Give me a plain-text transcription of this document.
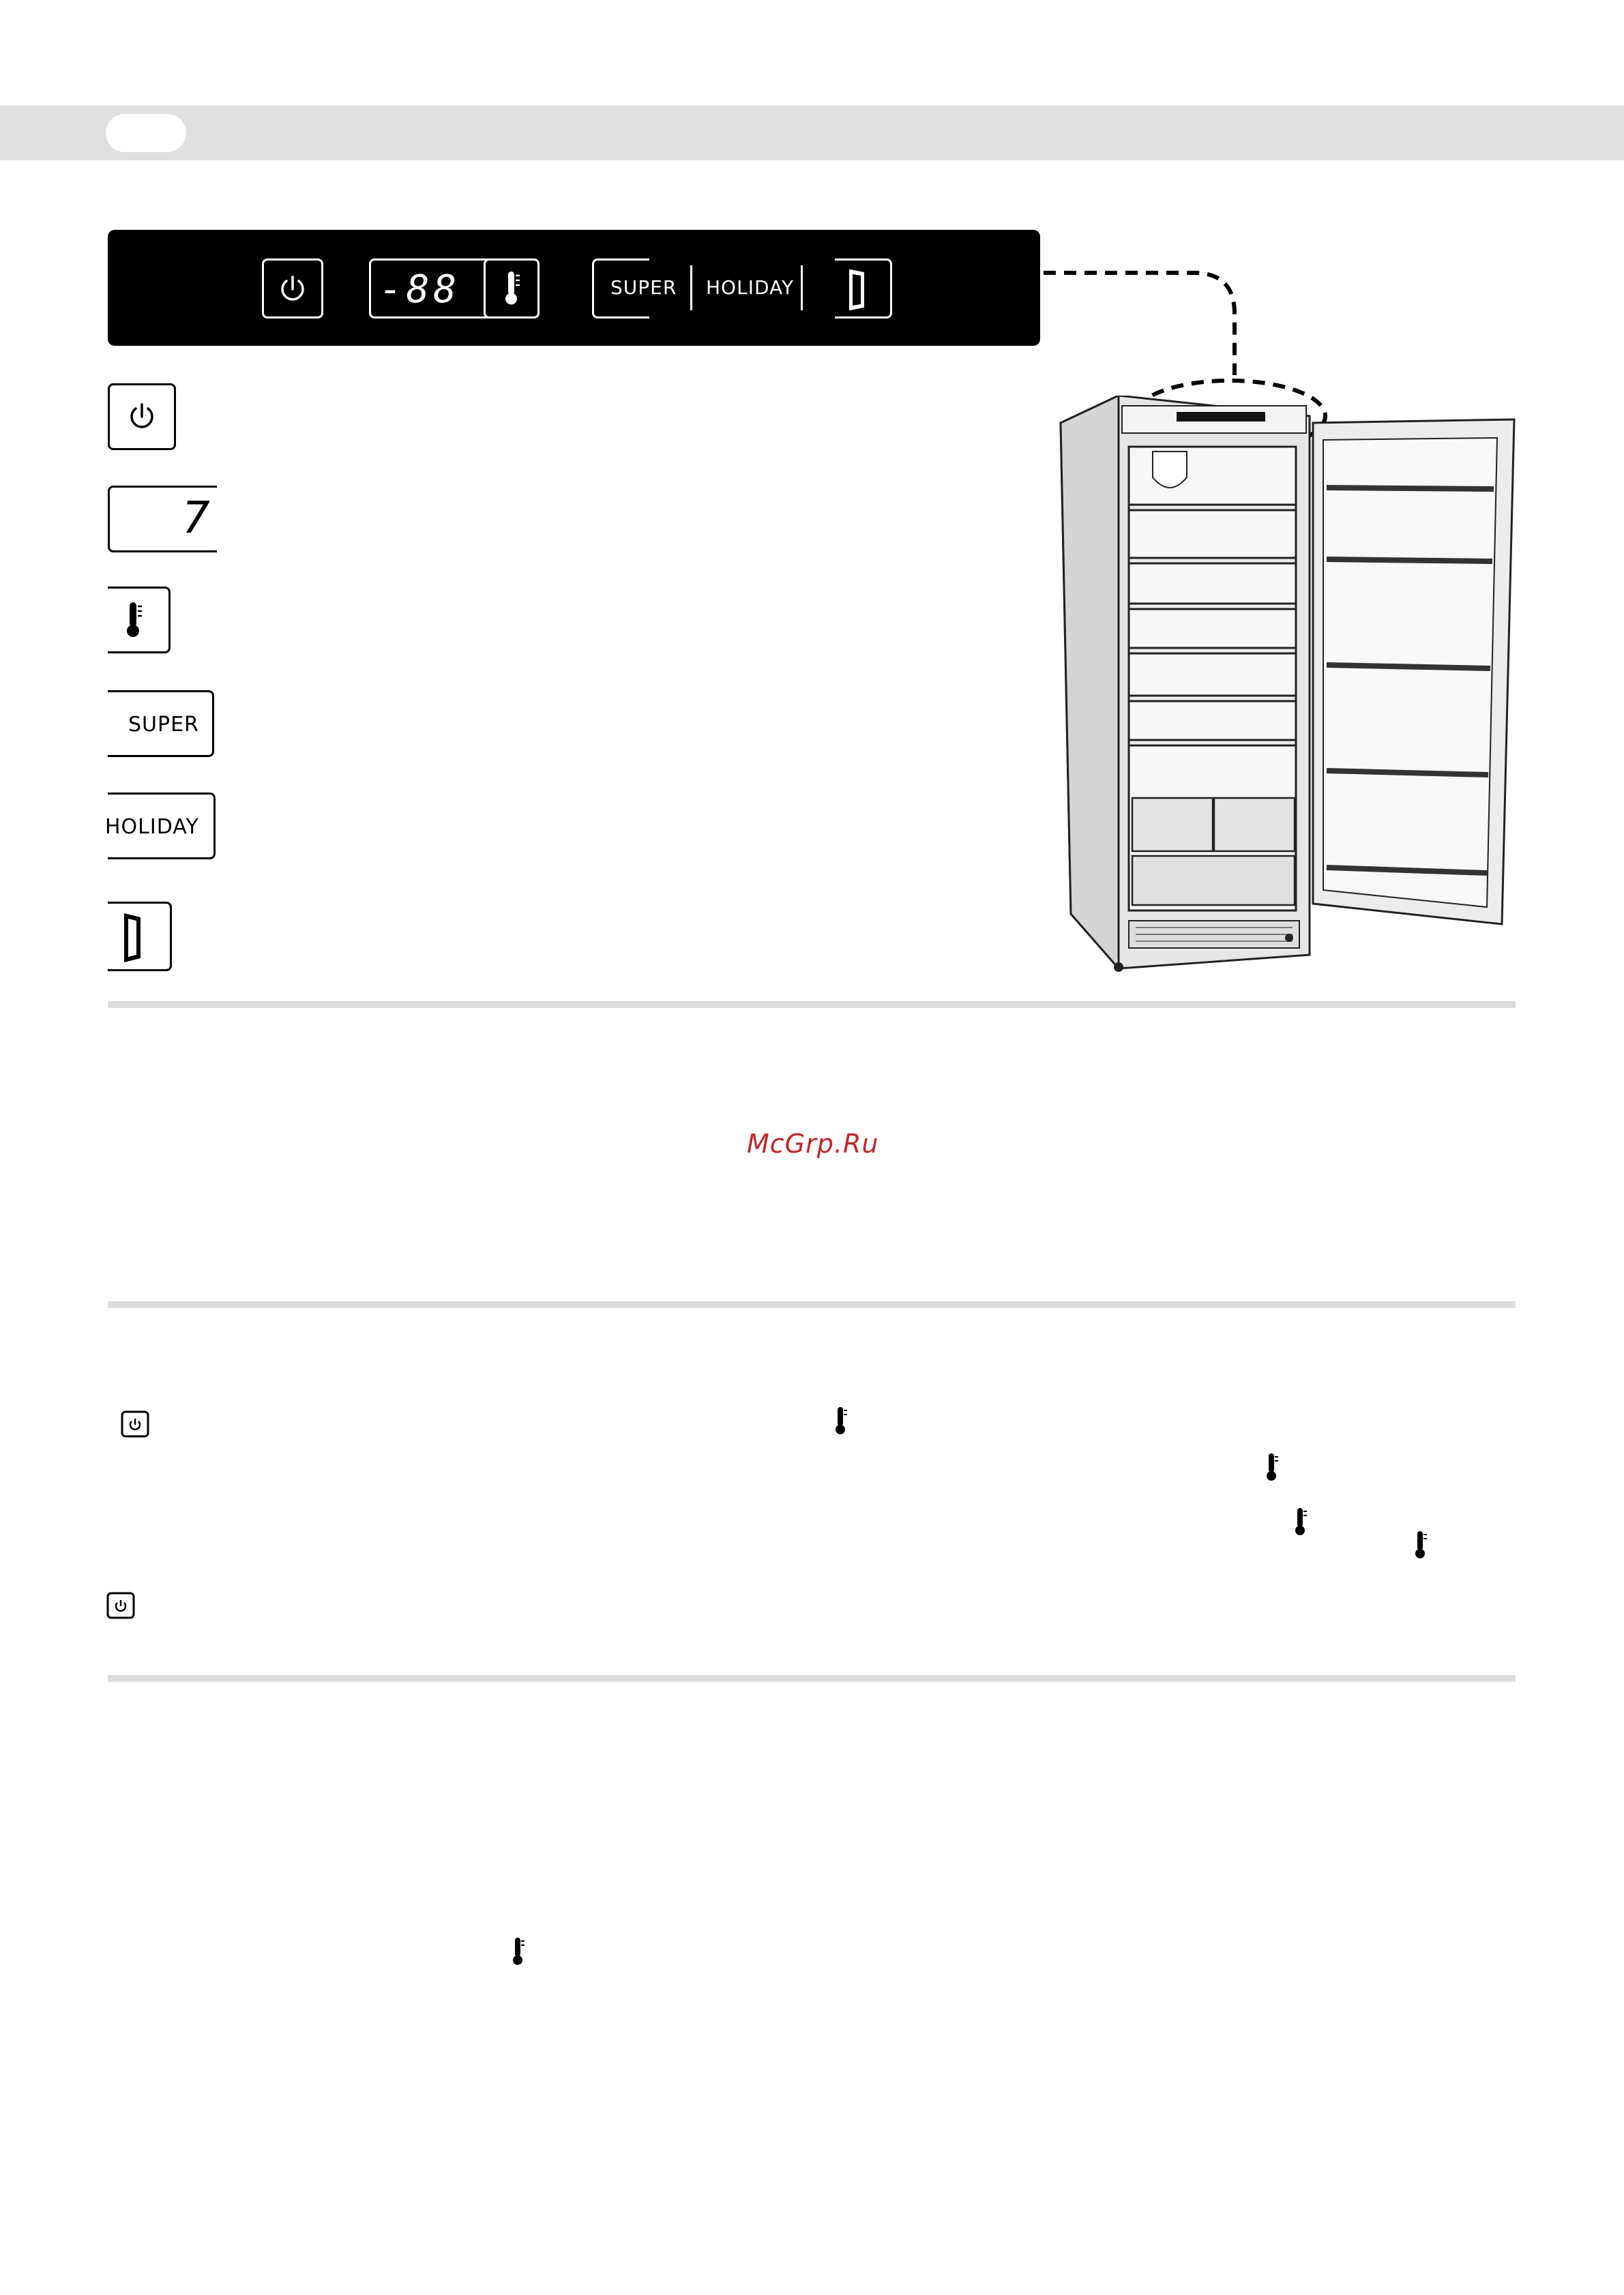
-88	SUPER HOLIDAY
7
SUPER
HOLIDAY
McGrp.Ru
